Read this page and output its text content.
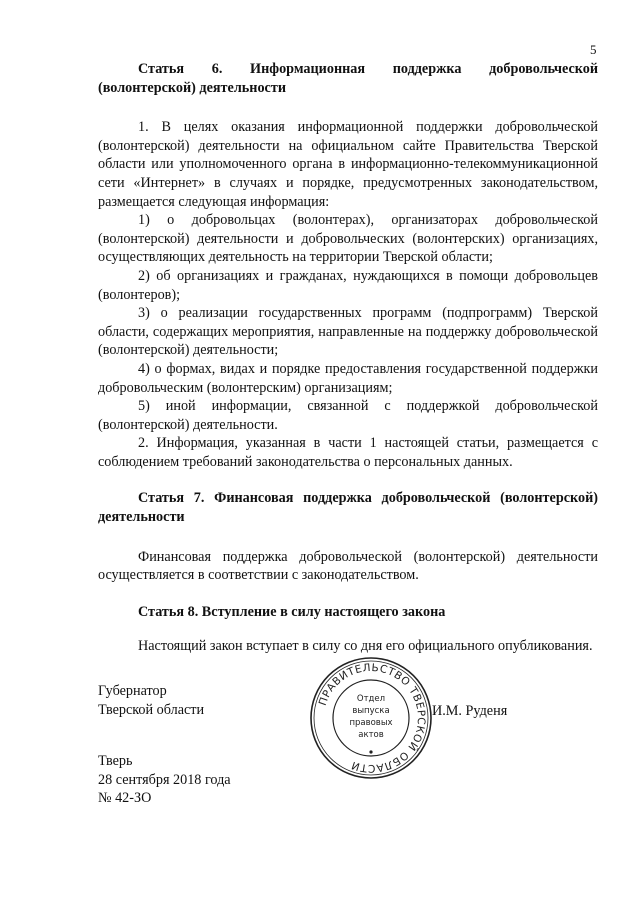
5
Статья 6. Информационная поддержка добровольческой (волонтерской) деятельности

1. В целях оказания информационной поддержки добровольческой (волонтерской) деятельности на официальном сайте Правительства Тверской области или уполномоченного органа в информационно-телекоммуникационной сети «Интернет» в случаях и порядке, предусмотренных законодательством, размещается следующая информация:

1) о добровольцах (волонтерах), организаторах добровольческой (волонтерской) деятельности и добровольческих (волонтерских) организациях, осуществляющих деятельность на территории Тверской области;

2) об организациях и гражданах, нуждающихся в помощи добровольцев (волонтеров);

3) о реализации государственных программ (подпрограмм) Тверской области, содержащих мероприятия, направленные на поддержку добровольческой (волонтерской) деятельности;

4) о формах, видах и порядке предоставления государственной поддержки добровольческим (волонтерским) организациям;

5) иной информации, связанной с поддержкой добровольческой (волонтерской) деятельности.

2. Информация, указанная в части 1 настоящей статьи, размещается с соблюдением требований законодательства о персональных данных.

Статья 7. Финансовая поддержка добровольческой (волонтерской) деятельности

Финансовая поддержка добровольческой (волонтерской) деятельности осуществляется в соответствии с законодательством.

Статья 8. Вступление в силу настоящего закона

Настоящий закон вступает в силу со дня его официального опубликования.

Губернатор
Тверской области	И.М. Руденя
Тверь
28 сентября 2018 года
№ 42-ЗО
ПРАВИТЕЛЬСТВО ТВЕРСКОЙ ОБЛАСТИ
Отдел
выпуска
правовых
актов
